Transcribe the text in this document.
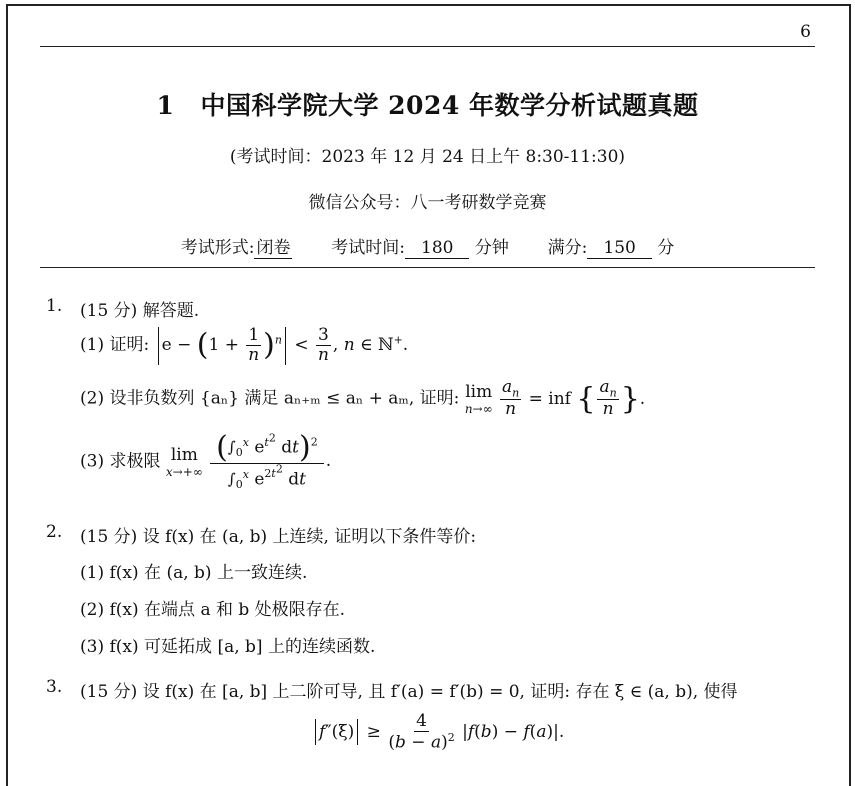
6
1 中国科学院大学 2024 年数学分析试题真题
(考试时间：2023 年 12 月 24 日上午 8:30-11:30)
微信公众号：八一考研数学竞赛
考试形式: 闭卷 考试时间: 180 分钟 满分: 150 分
1. (15 分) 解答题.
(1) 证明: $e - (1 + \frac{1}{n} )^n < \frac{3}{n}$ , n ∈ ℕ+.
(2) 设非负数列 {aₙ} 满足 aₙ₊ₘ ≤ aₙ + aₘ, 证明: lim
n→∞
$\frac{a_n}{n}$ = inf { $\frac{a_n}{n}$ }.
(3) 求极限 lim
x→+∞
$\frac{(\int_0^x e^{t^2} dt)^2}{\int_0^x e^{2t^2} dt}$ .
2. (15 分) 设 f(x) 在 (a, b) 上连续, 证明以下条件等价:
(1) f(x) 在 (a, b) 上一致连续.
(2) f(x) 在端点 a 和 b 处极限存在.
(3) f(x) 可延拓成 [a, b] 上的连续函数.
3. (15 分) 设 f(x) 在 [a, b] 上二阶可导, 且 f′(a) = f′(b) = 0, 证明: 存在 ξ ∈ (a, b), 使得
$f''(\xi) \ge \frac{4}{(b - a)^2} |f(b) - f(a)|$.
